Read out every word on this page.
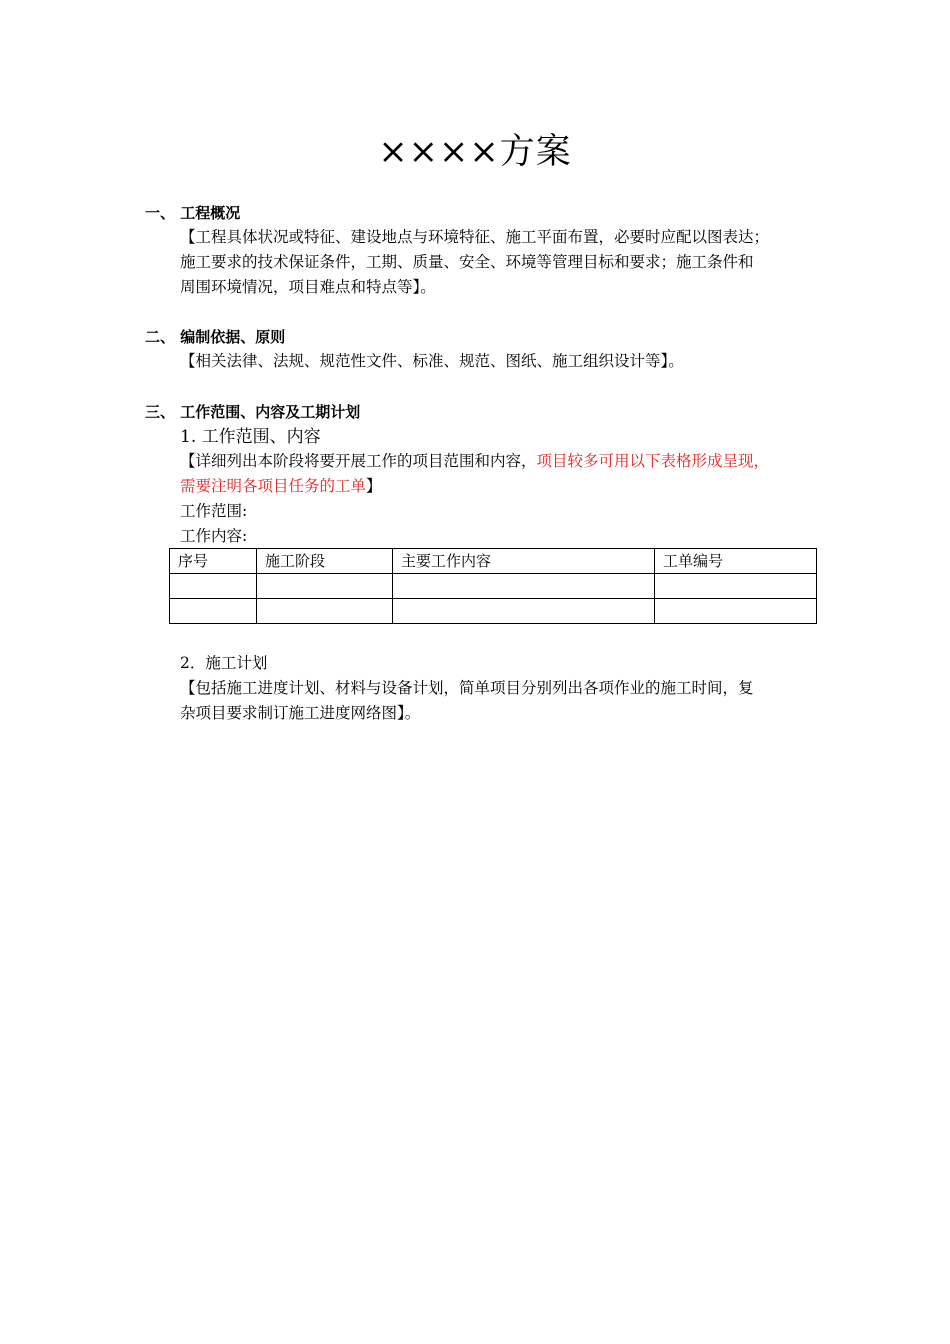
××××方案
一、 工程概况
【工程具体状况或特征、建设地点与环境特征、施工平面布置，必要时应配以图表达；
施工要求的技术保证条件，工期、质量、安全、环境等管理目标和要求；施工条件和
周围环境情况，项目难点和特点等】。
二、 编制依据、原则
【相关法律、法规、规范性文件、标准、规范、图纸、施工组织设计等】。
三、 工作范围、内容及工期计划
1. 工作范围、内容
【详细列出本阶段将要开展工作的项目范围和内容，项目较多可用以下表格形成呈现，
需要注明各项目任务的工单】
工作范围:
工作内容:
序号	施工阶段	主要工作内容	工单编号

2．施工计划
【包括施工进度计划、材料与设备计划，简单项目分别列出各项作业的施工时间，复
杂项目要求制订施工进度网络图】。
